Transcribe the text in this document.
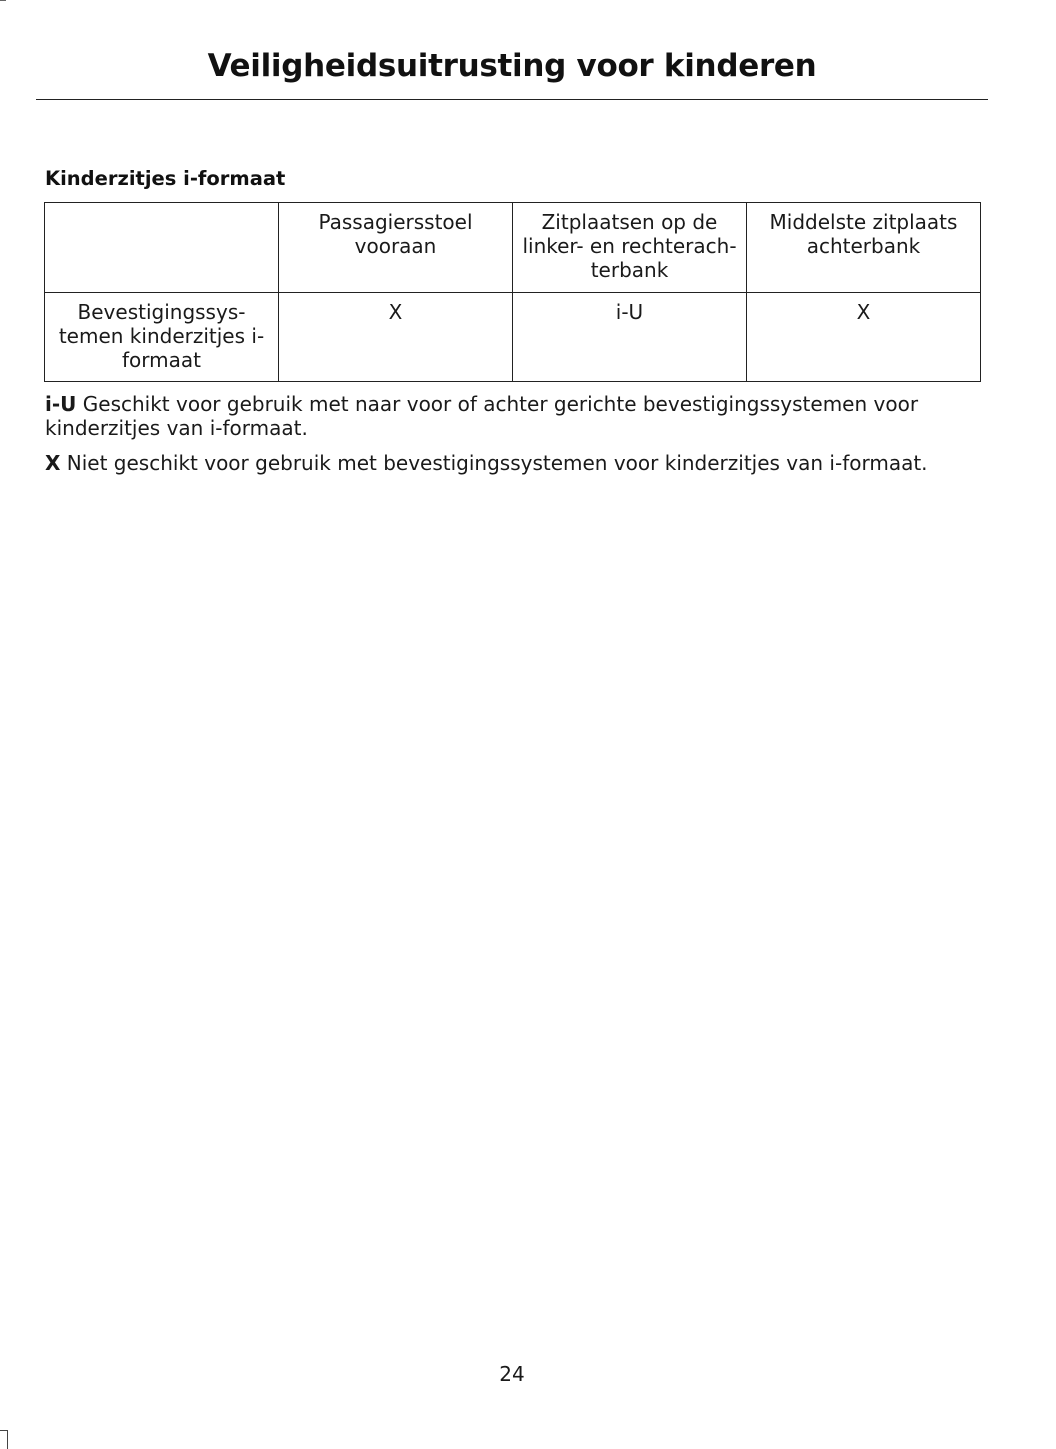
Veiligheidsuitrusting voor kinderen
Kinderzitjes i-formaat

	Passagiersstoel vooraan	Zitplaatsen op de linker- en rechterach- terbank	Middelste zitplaats achterbank

Bevestigingssys- temen kinderzitjes i- formaat	X	i-U	X

i-U Geschikt voor gebruik met naar voor of achter gerichte bevestigingssystemen voor kinderzitjes van i-formaat.

X Niet geschikt voor gebruik met bevestigingssystemen voor kinderzitjes van i-formaat.

24
